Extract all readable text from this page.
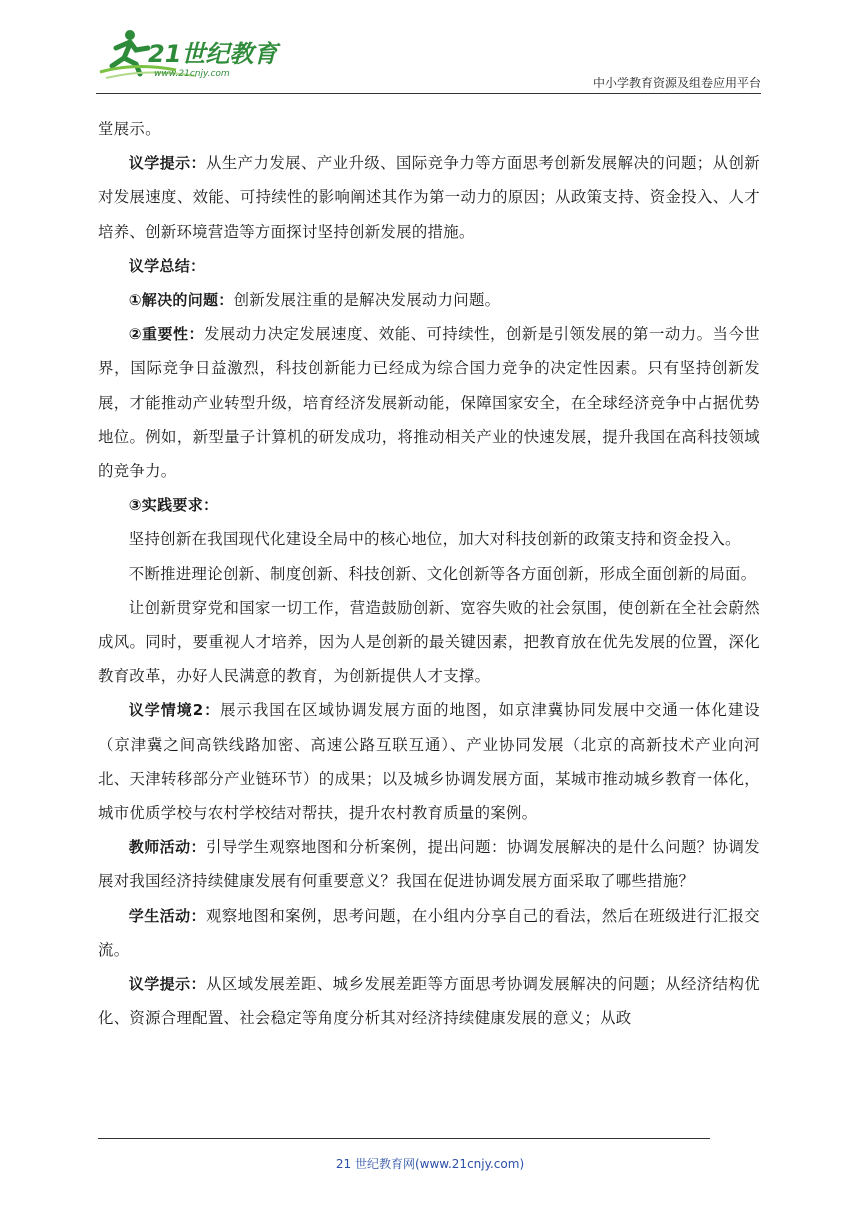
21世纪教育
www.21cnjy.com
中小学教育资源及组卷应用平台

堂展示。

议学提示：从生产力发展、产业升级、国际竞争力等方面思考创新发展解决的问题；从创新对发展速度、效能、可持续性的影响阐述其作为第一动力的原因；从政策支持、资金投入、人才培养、创新环境营造等方面探讨坚持创新发展的措施。

议学总结：

①解决的问题：创新发展注重的是解决发展动力问题。

②重要性：发展动力决定发展速度、效能、可持续性，创新是引领发展的第一动力。当今世界，国际竞争日益激烈，科技创新能力已经成为综合国力竞争的决定性因素。只有坚持创新发展，才能推动产业转型升级，培育经济发展新动能，保障国家安全，在全球经济竞争中占据优势地位。例如，新型量子计算机的研发成功，将推动相关产业的快速发展，提升我国在高科技领域的竞争力。

③实践要求：

坚持创新在我国现代化建设全局中的核心地位，加大对科技创新的政策支持和资金投入。

不断推进理论创新、制度创新、科技创新、文化创新等各方面创新，形成全面创新的局面。

让创新贯穿党和国家一切工作，营造鼓励创新、宽容失败的社会氛围，使创新在全社会蔚然成风。同时，要重视人才培养，因为人是创新的最关键因素，把教育放在优先发展的位置，深化教育改革，办好人民满意的教育，为创新提供人才支撑。

议学情境2：展示我国在区域协调发展方面的地图，如京津冀协同发展中交通一体化建设（京津冀之间高铁线路加密、高速公路互联互通）、产业协同发展（北京的高新技术产业向河北、天津转移部分产业链环节）的成果；以及城乡协调发展方面，某城市推动城乡教育一体化，城市优质学校与农村学校结对帮扶，提升农村教育质量的案例。

教师活动：引导学生观察地图和分析案例，提出问题：协调发展解决的是什么问题？协调发展对我国经济持续健康发展有何重要意义？我国在促进协调发展方面采取了哪些措施？

学生活动：观察地图和案例，思考问题，在小组内分享自己的看法，然后在班级进行汇报交流。

议学提示：从区域发展差距、城乡发展差距等方面思考协调发展解决的问题；从经济结构优化、资源合理配置、社会稳定等角度分析其对经济持续健康发展的意义；从政

21 世纪教育网(www.21cnjy.com)
